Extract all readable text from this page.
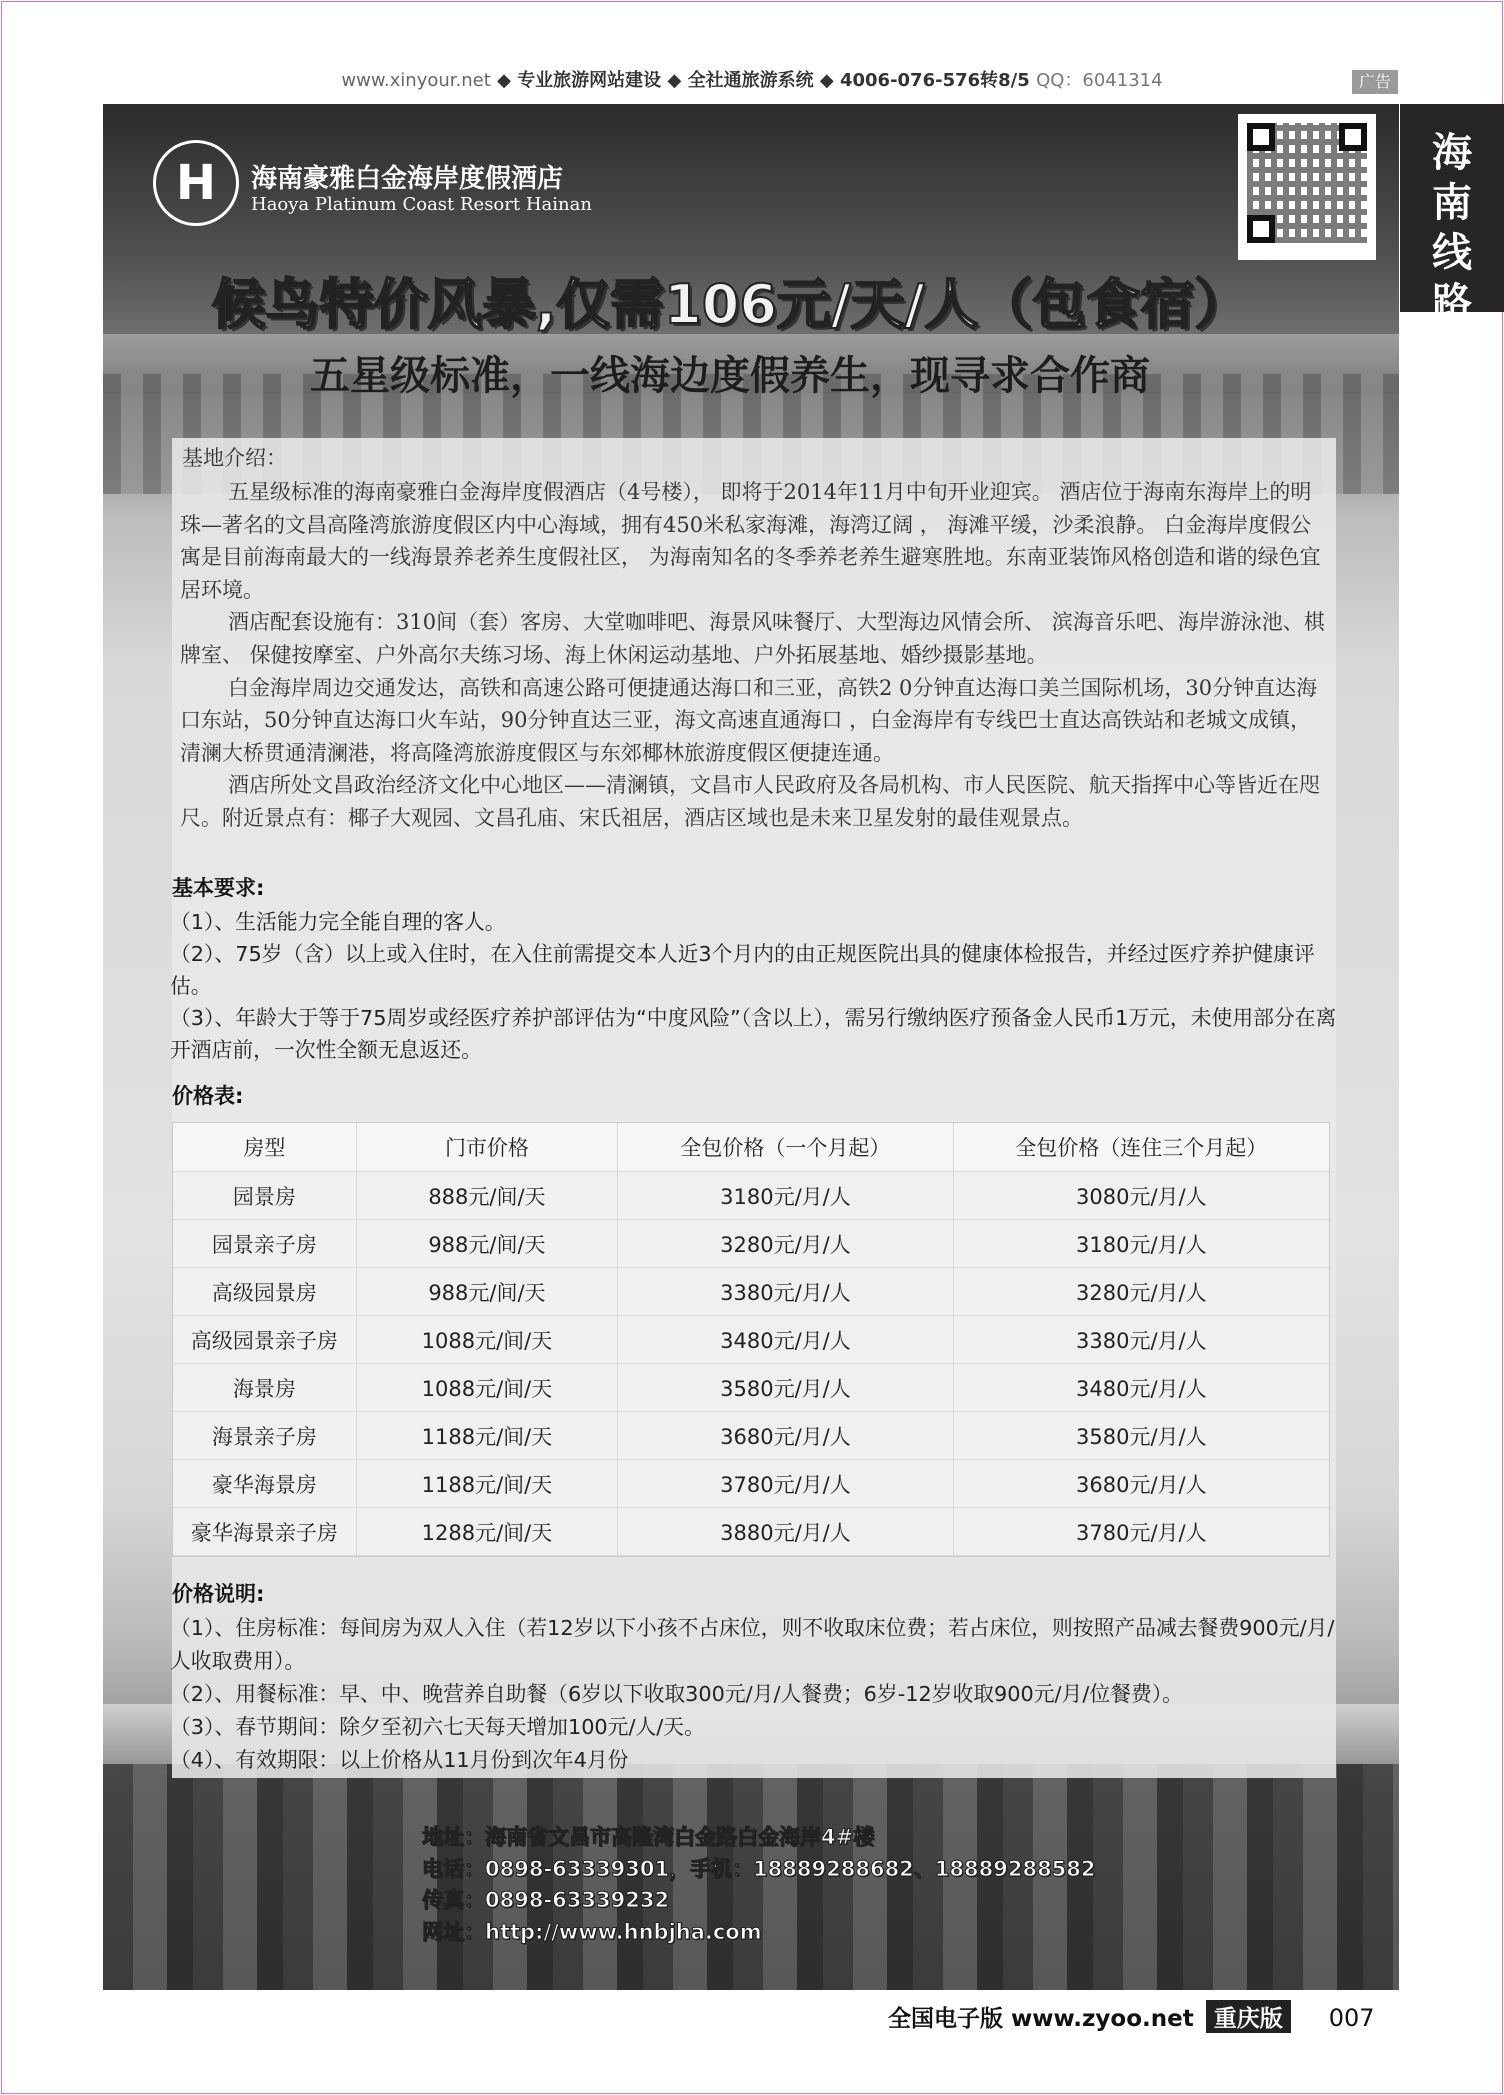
www.xinyour.net ◆ 专业旅游网站建设 ◆ 全社通旅游系统 ◆ 4006-076-576转8/5 QQ：6041314	广告
海
南
线
路
H	海南豪雅白金海岸度假酒店
Haoya Platinum Coast Resort Hainan
候鸟特价风暴,仅需106元/天/人（包食宿）
五星级标准，一线海边度假养生，现寻求合作商
基地介绍：

五星级标准的海南豪雅白金海岸度假酒店（4号楼）， 即将于2014年11月中旬开业迎宾。 酒店位于海南东海岸上的明珠—著名的文昌高隆湾旅游度假区内中心海域，拥有450米私家海滩，海湾辽阔 ， 海滩平缓，沙柔浪静。 白金海岸度假公寓是目前海南最大的一线海景养老养生度假社区， 为海南知名的冬季养老养生避寒胜地。东南亚装饰风格创造和谐的绿色宜居环境。

酒店配套设施有：310间（套）客房、大堂咖啡吧、海景风味餐厅、大型海边风情会所、 滨海音乐吧、海岸游泳池、棋牌室、 保健按摩室、户外高尔夫练习场、海上休闲运动基地、户外拓展基地、婚纱摄影基地。

白金海岸周边交通发达，高铁和高速公路可便捷通达海口和三亚，高铁2 0分钟直达海口美兰国际机场，30分钟直达海口东站，50分钟直达海口火车站，90分钟直达三亚，海文高速直通海口 ，白金海岸有专线巴士直达高铁站和老城文成镇，清澜大桥贯通清澜港，将高隆湾旅游度假区与东郊椰林旅游度假区便捷连通。

酒店所处文昌政治经济文化中心地区——清澜镇，文昌市人民政府及各局机构、市人民医院、航天指挥中心等皆近在咫尺。附近景点有：椰子大观园、文昌孔庙、宋氏祖居，酒店区域也是未来卫星发射的最佳观景点。

基本要求:
（1）、生活能力完全能自理的客人。
（2）、75岁（含）以上或入住时，在入住前需提交本人近3个月内的由正规医院出具的健康体检报告，并经过医疗养护健康评估。
（3）、年龄大于等于75周岁或经医疗养护部评估为“中度风险”（含以上），需另行缴纳医疗预备金人民币1万元，未使用部分在离开酒店前，一次性全额无息返还。
价格表:
房型	门市价格	全包价格（一个月起）	全包价格（连住三个月起）
园景房	888元/间/天	3180元/月/人	3080元/月/人
园景亲子房	988元/间/天	3280元/月/人	3180元/月/人
高级园景房	988元/间/天	3380元/月/人	3280元/月/人
高级园景亲子房	1088元/间/天	3480元/月/人	3380元/月/人
海景房	1088元/间/天	3580元/月/人	3480元/月/人
海景亲子房	1188元/间/天	3680元/月/人	3580元/月/人
豪华海景房	1188元/间/天	3780元/月/人	3680元/月/人
豪华海景亲子房	1288元/间/天	3880元/月/人	3780元/月/人
价格说明:
（1）、住房标准：每间房为双人入住（若12岁以下小孩不占床位，则不收取床位费；若占床位，则按照产品减去餐费900元/月/人收取费用）。
（2）、用餐标准：早、中、晚营养自助餐（6岁以下收取300元/月/人餐费；6岁-12岁收取900元/月/位餐费）。
（3）、春节期间：除夕至初六七天每天增加100元/人/天。
（4）、有效期限：以上价格从11月份到次年4月份
地址：海南省文昌市高隆湾白金路白金海岸4#楼
电话：0898-63339301，手机：18889288682、18889288582
传真：0898-63339232
网址：http://www.hnbjha.com
全国电子版 www.zyoo.net 重庆版 007
